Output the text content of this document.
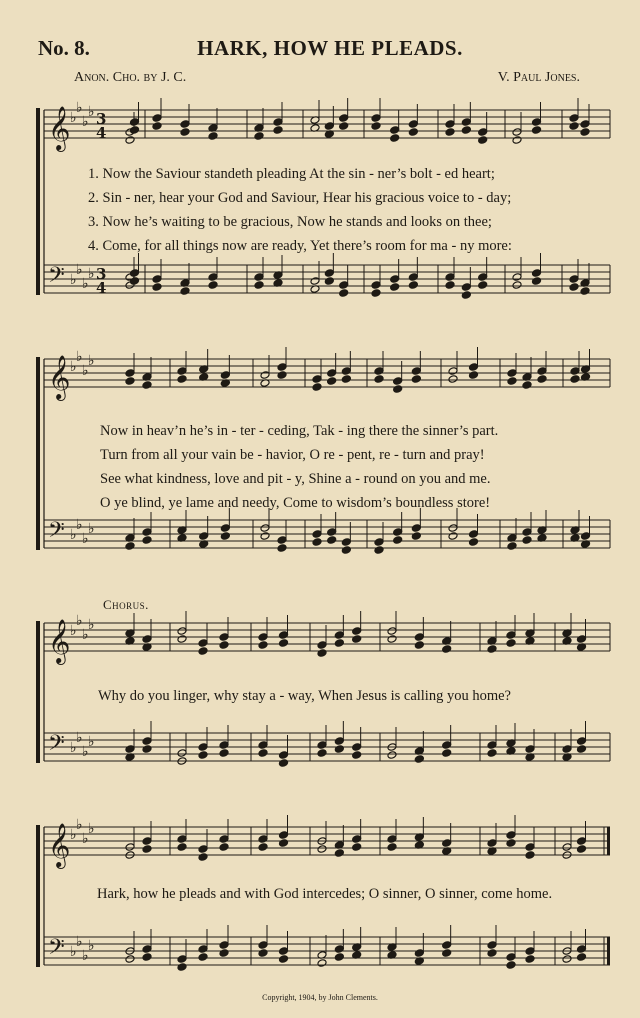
𝄞 ♭
♭
♭
♭ 3
4
𝄢 ♭
♭
♭
♭ 3
4
𝄞 ♭
♭
♭
♭
𝄢 ♭
♭
♭
♭
𝄞 ♭
♭
♭
♭
𝄢 ♭
♭
♭
♭
𝄞 ♭
♭
♭
♭
𝄢 ♭
♭
♭
♭
No. 8.	HARK, HOW HE PLEADS.
Anon. Cho. by J. C.	V. Paul Jones.
1. Now the Saviour standeth pleading At the sin - ner’s bolt - ed heart;
2. Sin - ner, hear your God and Saviour, Hear his gracious voice to - day;
3. Now he’s waiting to be gracious, Now he stands and looks on thee;
4. Come, for all things now are ready, Yet there’s room for ma - ny more:
Now in heav’n he’s in - ter - ceding, Tak - ing there the sinner’s part.
Turn from all your vain be - havior, O re - pent, re - turn and pray!
See what kindness, love and pit - y, Shine a - round on you and me.
O ye blind, ye lame and needy, Come to wisdom’s boundless store!
Chorus.
Why do you linger, why stay a - way, When Jesus is calling you home?
Hark, how he pleads and with God intercedes; O sinner, O sinner, come home.
Copyright, 1904, by John Clements.
